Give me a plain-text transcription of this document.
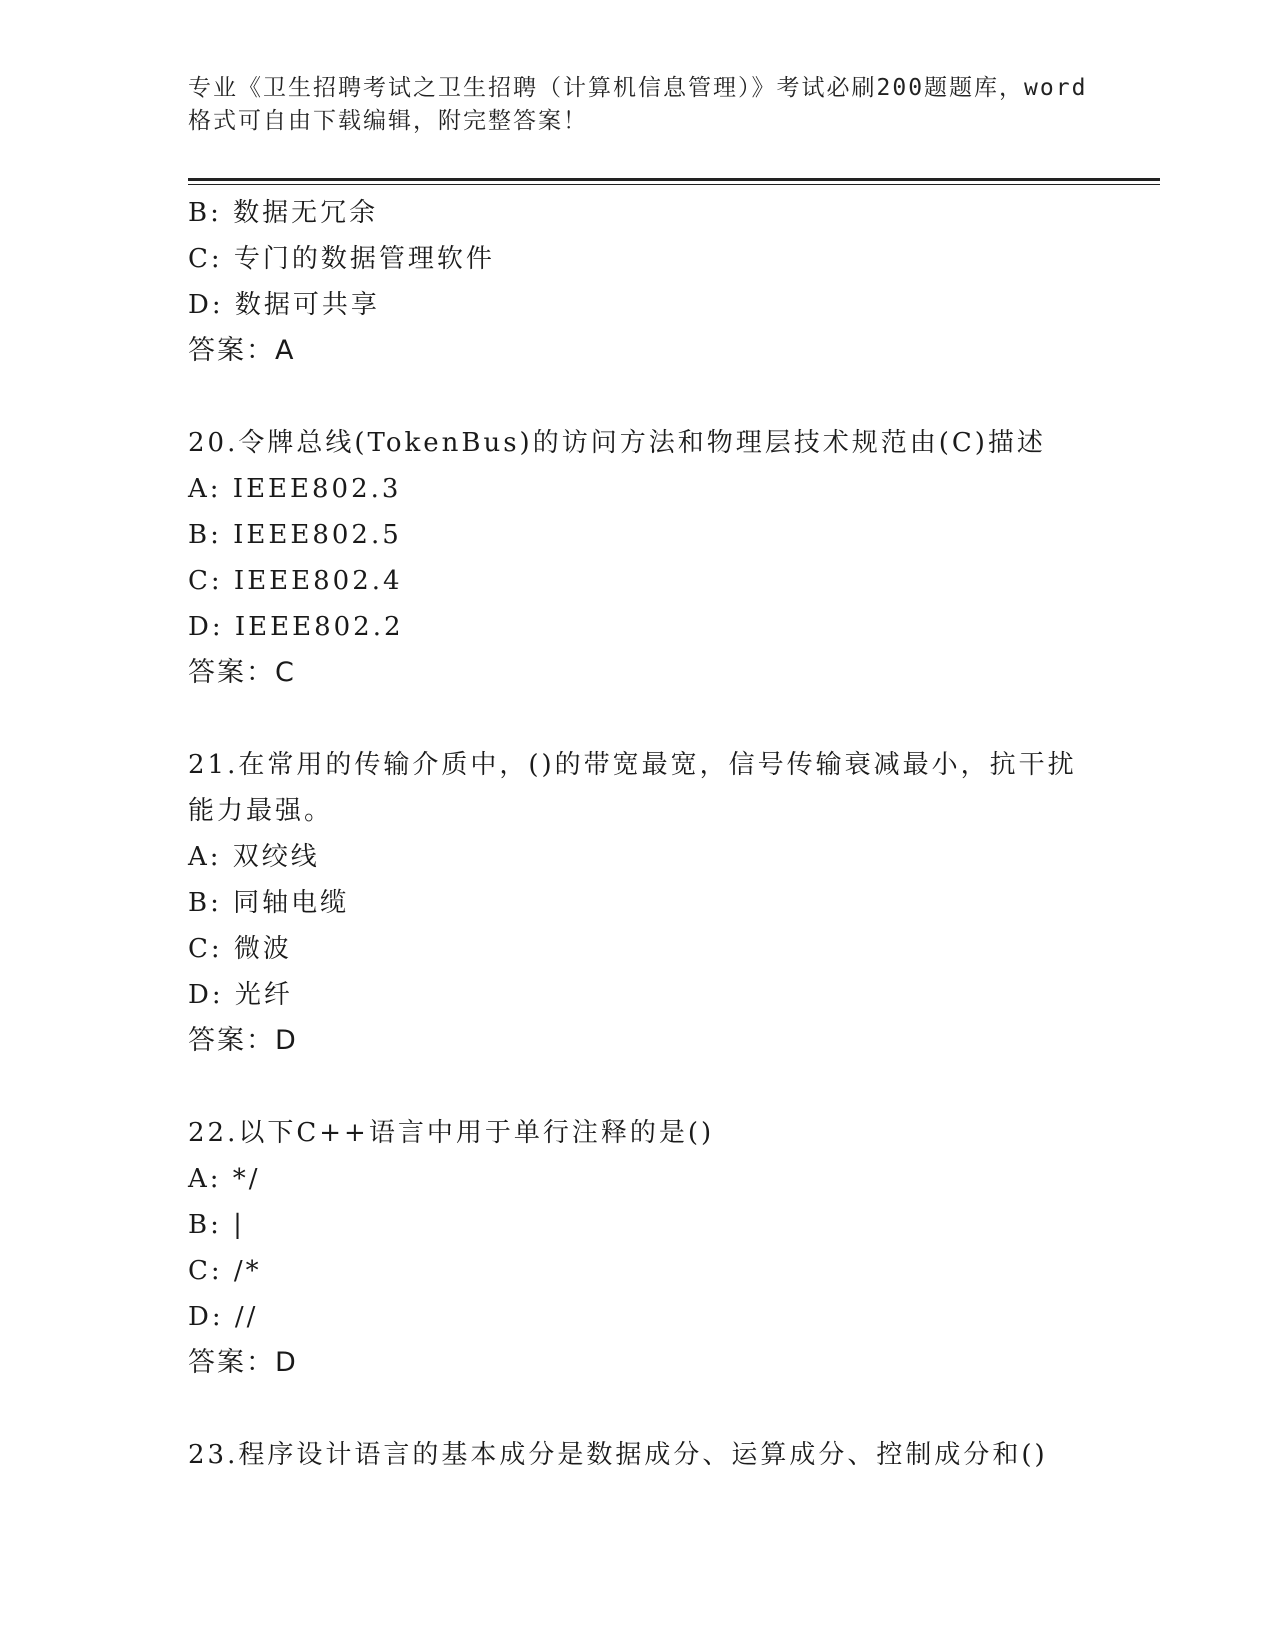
专业《卫生招聘考试之卫生招聘（计算机信息管理）》考试必刷200题题库，word
格式可自由下载编辑，附完整答案！
B: 数据无冗余
C: 专门的数据管理软件
D: 数据可共享
答案：A
20.令牌总线(TokenBus)的访问方法和物理层技术规范由(C)描述
A: IEEE802.3
B: IEEE802.5
C: IEEE802.4
D: IEEE802.2
答案：C
21.在常用的传输介质中，()的带宽最宽，信号传输衰减最小，抗干扰
能力最强。
A: 双绞线
B: 同轴电缆
C: 微波
D: 光纤
答案：D
22.以下C++语言中用于单行注释的是()
A: */
B: |
C: /*
D: //
答案：D
23.程序设计语言的基本成分是数据成分、运算成分、控制成分和()
